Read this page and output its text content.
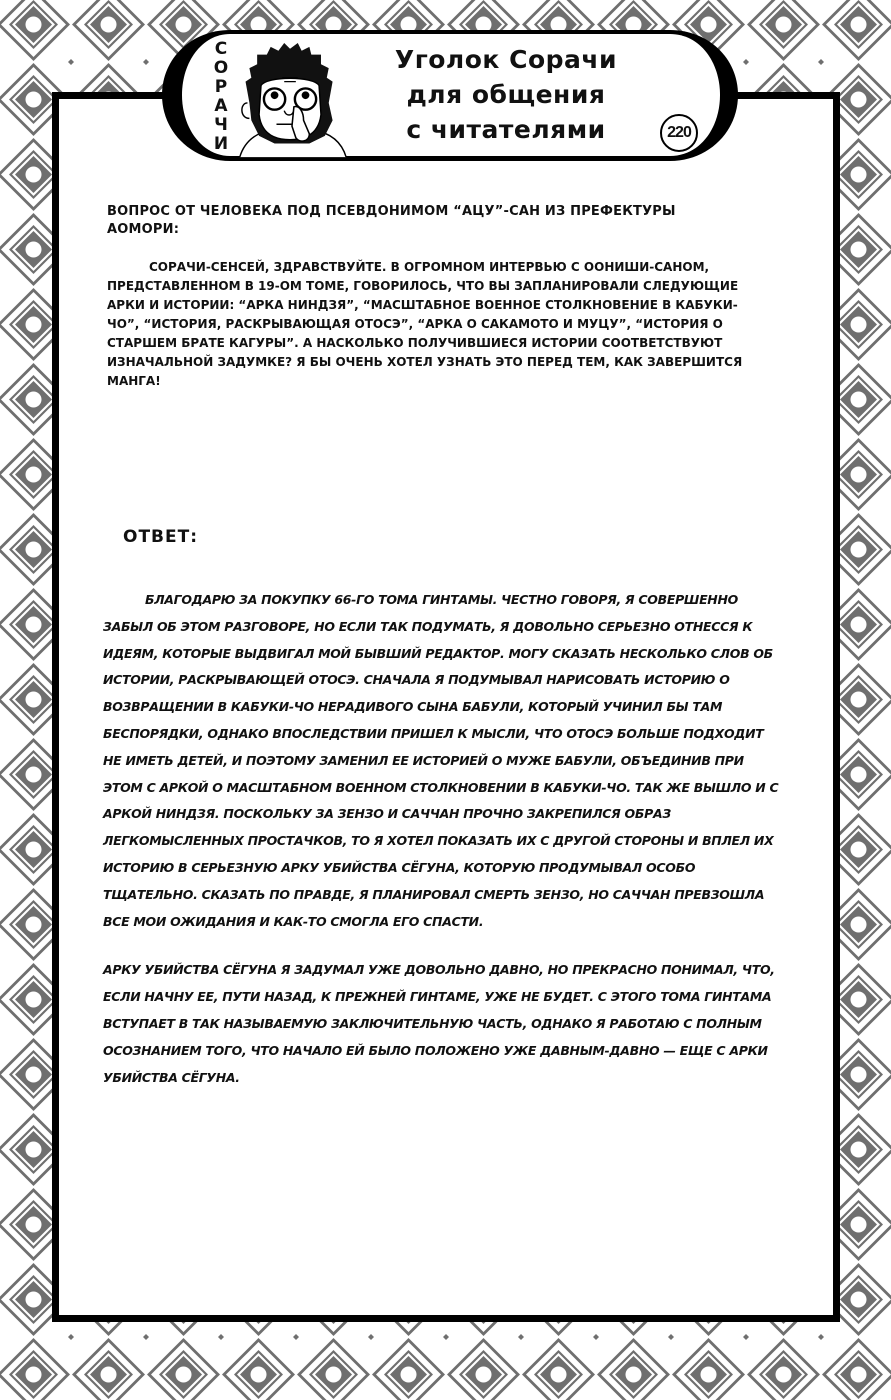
С
О
Р
А
Ч
И
Уголок Сорачи
для общения
с читателями	220
ВОПРОС ОТ ЧЕЛОВЕКА ПОД ПСЕВДОНИМОМ “АЦУ”-САН ИЗ ПРЕФЕКТУРЫ АОМОРИ:
СОРАЧИ-СЕНСЕЙ, ЗДРАВСТВУЙТЕ. В ОГРОМНОМ ИНТЕРВЬЮ С ООНИШИ-САНОМ, ПРЕДСТАВЛЕННОМ В 19-ОМ ТОМЕ, ГОВОРИЛОСЬ, ЧТО ВЫ ЗАПЛАНИРОВАЛИ СЛЕДУЮЩИЕ АРКИ И ИСТОРИИ: “АРКА НИНДЗЯ”, “МАСШТАБНОЕ ВОЕННОЕ СТОЛКНОВЕНИЕ В КАБУКИ-ЧО”, “ИСТОРИЯ, РАСКРЫВАЮЩАЯ ОТОСЭ”, “АРКА О САКАМОТО И МУЦУ”, “ИСТОРИЯ О СТАРШЕМ БРАТЕ КАГУРЫ”. А НАСКОЛЬКО ПОЛУЧИВШИЕСЯ ИСТОРИИ СООТВЕТСТВУЮТ ИЗНАЧАЛЬНОЙ ЗАДУМКЕ? Я БЫ ОЧЕНЬ ХОТЕЛ УЗНАТЬ ЭТО ПЕРЕД ТЕМ, КАК ЗАВЕРШИТСЯ МАНГА!
ОТВЕТ:
БЛАГОДАРЮ ЗА ПОКУПКУ 66-ГО ТОМА ГИНТАМЫ. ЧЕСТНО ГОВОРЯ, Я СОВЕРШЕННО ЗАБЫЛ ОБ ЭТОМ РАЗГОВОРЕ, НО ЕСЛИ ТАК ПОДУМАТЬ, Я ДОВОЛЬНО СЕРЬЕЗНО ОТНЕССЯ К ИДЕЯМ, КОТОРЫЕ ВЫДВИГАЛ МОЙ БЫВШИЙ РЕДАКТОР. МОГУ СКАЗАТЬ НЕСКОЛЬКО СЛОВ ОБ ИСТОРИИ, РАСКРЫВАЮЩЕЙ ОТОСЭ. СНАЧАЛА Я ПОДУМЫВАЛ НАРИСОВАТЬ ИСТОРИЮ О ВОЗВРАЩЕНИИ В КАБУКИ-ЧО НЕРАДИВОГО СЫНА БАБУЛИ, КОТОРЫЙ УЧИНИЛ БЫ ТАМ БЕСПОРЯДКИ, ОДНАКО ВПОСЛЕДСТВИИ ПРИШЕЛ К МЫСЛИ, ЧТО ОТОСЭ БОЛЬШЕ ПОДХОДИТ НЕ ИМЕТЬ ДЕТЕЙ, И ПОЭТОМУ ЗАМЕНИЛ ЕЕ ИСТОРИЕЙ О МУЖЕ БАБУЛИ, ОБЪЕДИНИВ ПРИ ЭТОМ С АРКОЙ О МАСШТАБНОМ ВОЕННОМ СТОЛКНОВЕНИИ В КАБУКИ-ЧО. ТАК ЖЕ ВЫШЛО И С АРКОЙ НИНДЗЯ. ПОСКОЛЬКУ ЗА ЗЕНЗО И САЧЧАН ПРОЧНО ЗАКРЕПИЛСЯ ОБРАЗ ЛЕГКОМЫСЛЕННЫХ ПРОСТАЧКОВ, ТО Я ХОТЕЛ ПОКАЗАТЬ ИХ С ДРУГОЙ СТОРОНЫ И ВПЛЕЛ ИХ ИСТОРИЮ В СЕРЬЕЗНУЮ АРКУ УБИЙСТВА СЁГУНА, КОТОРУЮ ПРОДУМЫВАЛ ОСОБО ТЩАТЕЛЬНО. СКАЗАТЬ ПО ПРАВДЕ, Я ПЛАНИРОВАЛ СМЕРТЬ ЗЕНЗО, НО САЧЧАН ПРЕВЗОШЛА ВСЕ МОИ ОЖИДАНИЯ И КАК-ТО СМОГЛА ЕГО СПАСТИ.
АРКУ УБИЙСТВА СЁГУНА Я ЗАДУМАЛ УЖЕ ДОВОЛЬНО ДАВНО, НО ПРЕКРАСНО ПОНИМАЛ, ЧТО, ЕСЛИ НАЧНУ ЕЕ, ПУТИ НАЗАД, К ПРЕЖНЕЙ ГИНТАМЕ, УЖЕ НЕ БУДЕТ. С ЭТОГО ТОМА ГИНТАМА ВСТУПАЕТ В ТАК НАЗЫВАЕМУЮ ЗАКЛЮЧИТЕЛЬНУЮ ЧАСТЬ, ОДНАКО Я РАБОТАЮ С ПОЛНЫМ ОСОЗНАНИЕМ ТОГО, ЧТО НАЧАЛО ЕЙ БЫЛО ПОЛОЖЕНО УЖЕ ДАВНЫМ-ДАВНО — ЕЩЕ С АРКИ УБИЙСТВА СЁГУНА.
